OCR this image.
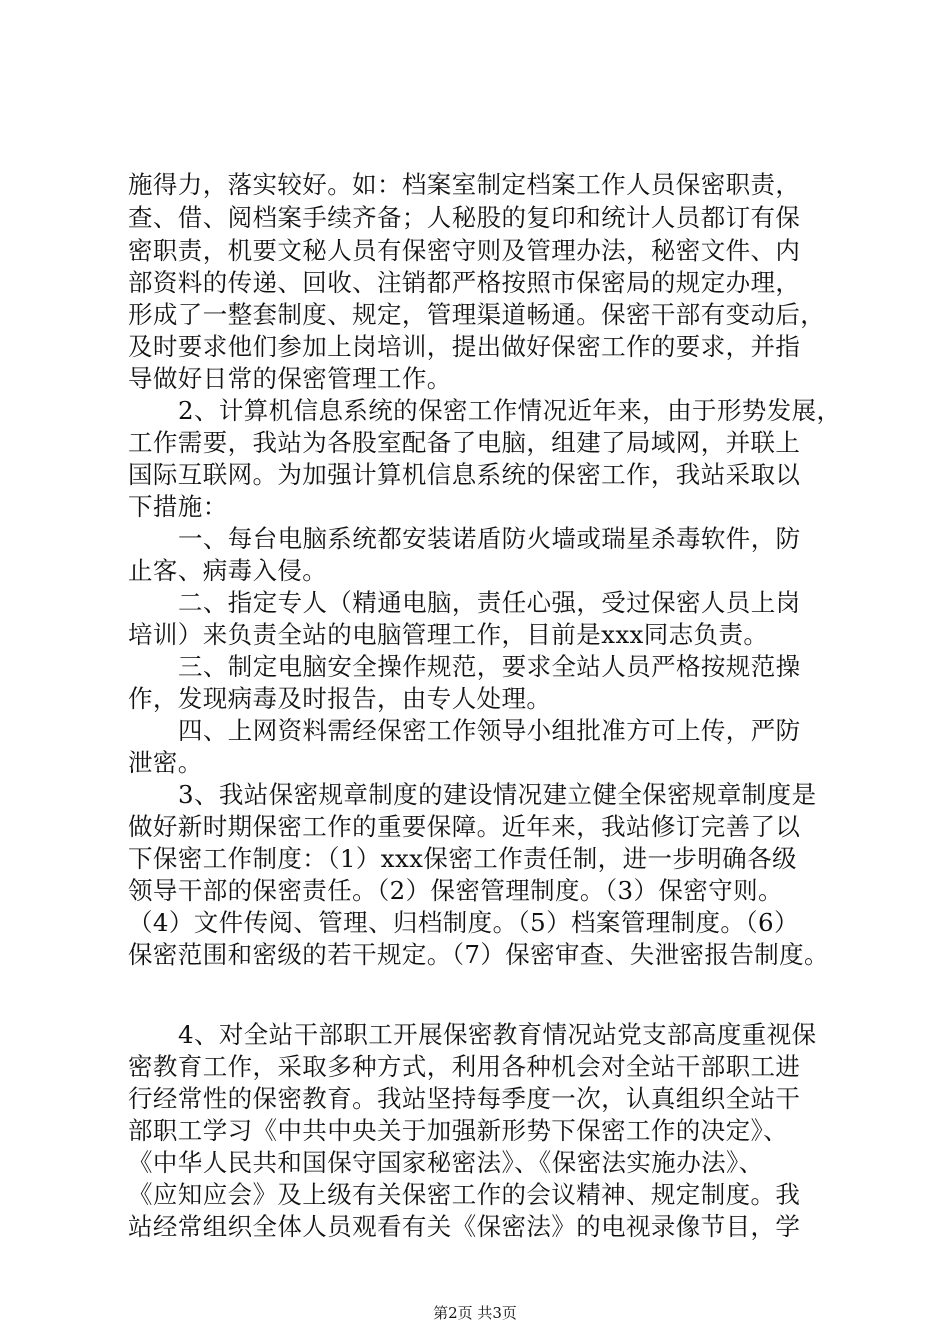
施得力，落实较好。如：档案室制定档案工作人员保密职责，
查、借、阅档案手续齐备；人秘股的复印和统计人员都订有保
密职责，机要文秘人员有保密守则及管理办法，秘密文件、内
部资料的传递、回收、注销都严格按照市保密局的规定办理，
形成了一整套制度、规定，管理渠道畅通。保密干部有变动后，
及时要求他们参加上岗培训，提出做好保密工作的要求，并指
导做好日常的保密管理工作。
2、计算机信息系统的保密工作情况近年来，由于形势发展，
工作需要，我站为各股室配备了电脑，组建了局域网，并联上
国际互联网。为加强计算机信息系统的保密工作，我站采取以
下措施：
一、每台电脑系统都安装诺盾防火墙或瑞星杀毒软件，防
止客、病毒入侵。
二、指定专人（精通电脑，责任心强，受过保密人员上岗
培训）来负责全站的电脑管理工作，目前是xxx同志负责。
三、制定电脑安全操作规范，要求全站人员严格按规范操
作，发现病毒及时报告，由专人处理。
四、上网资料需经保密工作领导小组批准方可上传，严防
泄密。
3、我站保密规章制度的建设情况建立健全保密规章制度是
做好新时期保密工作的重要保障。近年来，我站修订完善了以
下保密工作制度：（1）xxx保密工作责任制，进一步明确各级
领导干部的保密责任。（2）保密管理制度。（3）保密守则。
（4）文件传阅、管理、归档制度。（5）档案管理制度。（6）
保密范围和密级的若干规定。（7）保密审查、失泄密报告制度。
4、对全站干部职工开展保密教育情况站党支部高度重视保
密教育工作，采取多种方式，利用各种机会对全站干部职工进
行经常性的保密教育。我站坚持每季度一次，认真组织全站干
部职工学习《中共中央关于加强新形势下保密工作的决定》、
《中华人民共和国保守国家秘密法》、《保密法实施办法》、
《应知应会》及上级有关保密工作的会议精神、规定制度。我
站经常组织全体人员观看有关《保密法》的电视录像节目，学
第2页 共3页
